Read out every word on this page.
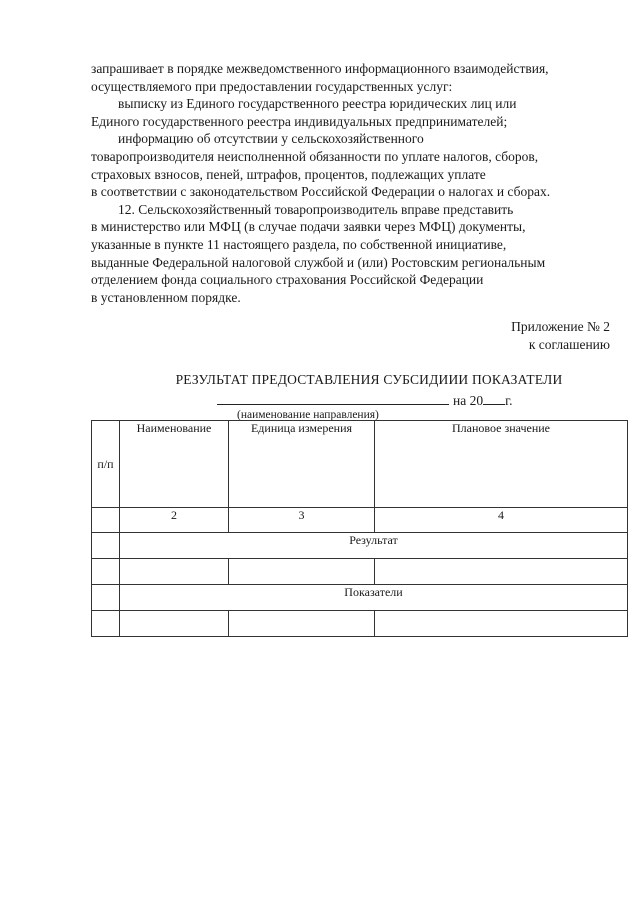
запрашивает в порядке межведомственного информационного взаимодействия,

осуществляемого при предоставлении государственных услуг:

выписку из Единого государственного реестра юридических лиц или

Единого государственного реестра индивидуальных предпринимателей;

информацию об отсутствии у сельскохозяйственного

товаропроизводителя неисполненной обязанности по уплате налогов, сборов,

страховых взносов, пеней, штрафов, процентов, подлежащих уплате

в соответствии с законодательством Российской Федерации о налогах и сборах.

12. Сельскохозяйственный товаропроизводитель вправе представить

в министерство или МФЦ (в случае подачи заявки через МФЦ) документы,

указанные в пункте 11 настоящего раздела, по собственной инициативе,

выданные Федеральной налоговой службой и (или) Ростовским региональным

отделением фонда социального страхования Российской Федерации

в установленном порядке.

Приложение № 2
к соглашению
РЕЗУЛЬТАТ ПРЕДОСТАВЛЕНИЯ СУБСИДИИИ ПОКАЗАТЕЛИ
на 20 г.
(наименование направления)
п/п	Наименование	Единица измерения	Плановое значение
	2	3	4
	Результат		

	Показатели		
